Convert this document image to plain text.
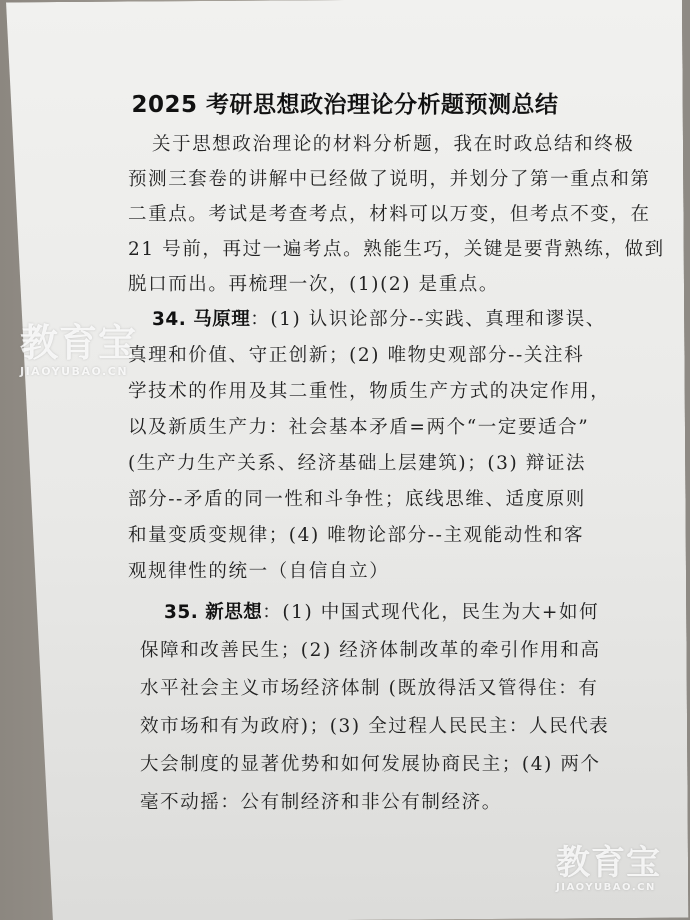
2025 考研思想政治理论分析题预测总结
关于思想政治理论的材料分析题，我在时政总结和终极
预测三套卷的讲解中已经做了说明，并划分了第一重点和第
二重点。考试是考查考点，材料可以万变，但考点不变，在
21 号前，再过一遍考点。熟能生巧，关键是要背熟练，做到
脱口而出。再梳理一次，(1)(2) 是重点。
34. 马原理：(1) 认识论部分--实践、真理和谬误、
真理和价值、守正创新；(2) 唯物史观部分--关注科
学技术的作用及其二重性，物质生产方式的决定作用，
以及新质生产力：社会基本矛盾=两个“一定要适合”
(生产力生产关系、经济基础上层建筑)；(3) 辩证法
部分--矛盾的同一性和斗争性；底线思维、适度原则
和量变质变规律；(4) 唯物论部分--主观能动性和客
观规律性的统一（自信自立）
35. 新思想：(1) 中国式现代化，民生为大+如何
保障和改善民生；(2) 经济体制改革的牵引作用和高
水平社会主义市场经济体制 (既放得活又管得住：有
效市场和有为政府)；(3) 全过程人民民主：人民代表
大会制度的显著优势和如何发展协商民主；(4) 两个
毫不动摇：公有制经济和非公有制经济。
教育宝
JIAOYUBAO.CN
教育宝
JIAOYUBAO.CN
